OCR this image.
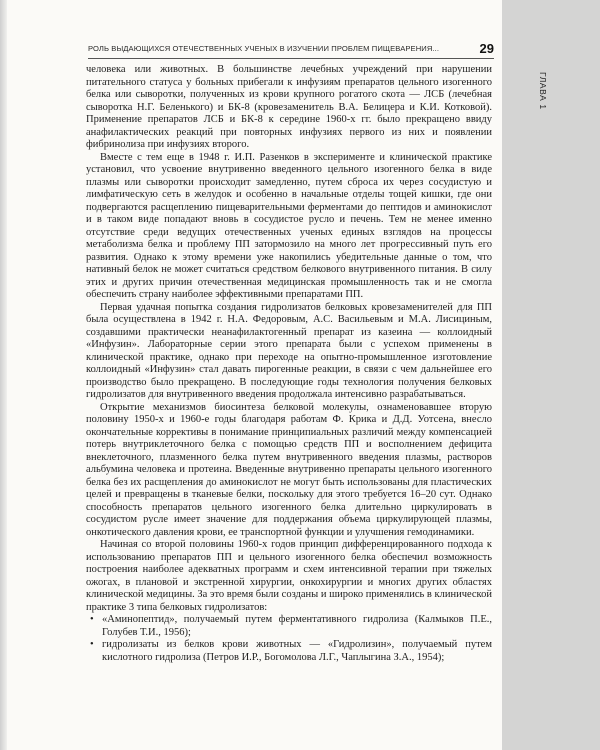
РОЛЬ ВЫДАЮЩИХСЯ ОТЕЧЕСТВЕННЫХ УЧЕНЫХ В ИЗУЧЕНИИ ПРОБЛЕМ ПИЩЕВАРЕНИЯ...	29
ГЛАВА 1

человека или животных. В большинстве лечебных учреждений при нарушении питательного статуса у больных прибегали к инфузиям препаратов цельного изогенного белка или сыворотки, полученных из крови крупного рогатого скота — ЛСБ (лечебная сыворотка Н.Г. Беленького) и БК-8 (кровезаменитель В.А. Белицера и К.И. Котковой). Применение препаратов ЛСБ и БК-8 к середине 1960-х гг. было прекращено ввиду анафилактических реакций при повторных инфузиях первого из них и появлении фибринолиза при инфузиях второго.

Вместе с тем еще в 1948 г. И.П. Разенков в эксперименте и клинической практике установил, что усвоение внутривенно введенного цельного изогенного белка в виде плазмы или сыворотки происходит замедленно, путем сброса их через сосудистую и лимфатическую сеть в желудок и особенно в начальные отделы тощей кишки, где они подвергаются расщеплению пищеварительными ферментами до пептидов и аминокислот и в таком виде попадают вновь в сосудистое русло и печень. Тем не менее именно отсутствие среди ведущих отечественных ученых единых взглядов на процессы метаболизма белка и проблему ПП затормозило на много лет прогрессивный путь его развития. Однако к этому времени уже накопились убедительные данные о том, что нативный белок не может считаться средством белкового внутривенного питания. В силу этих и других причин отечественная медицинская промышленность так и не смогла обеспечить страну наиболее эффективными препаратами ПП.

Первая удачная попытка создания гидролизатов белковых кровезаменителей для ПП была осуществлена в 1942 г. Н.А. Федоровым, А.С. Васильевым и М.А. Лисициным, создавшими практически неанафилактогенный препарат из казеина — коллоидный «Инфузин». Лабораторные серии этого препарата были с успехом применены в клинической практике, однако при переходе на опытно-промышленное изготовление коллоидный «Инфузин» стал давать пирогенные реакции, в связи с чем дальнейшее его производство было прекращено. В последующие годы технология получения белковых гидролизатов для внутривенного введения продолжала интенсивно разрабатываться.

Открытие механизмов биосинтеза белковой молекулы, ознаменовавшее вторую половину 1950-х и 1960-е годы благодаря работам Ф. Крика и Д.Д. Уотсена, внесло окончательные коррективы в понимание принципиальных различий между компенсацией потерь внутриклеточного белка с помощью средств ПП и восполнением дефицита внеклеточного, плазменного белка путем внутривенного введения плазмы, растворов альбумина человека и протеина. Введенные внутривенно препараты цельного изогенного белка без их расщепления до аминокислот не могут быть использованы для пластических целей и превращены в тканевые белки, поскольку для этого требуется 16–20 сут. Однако способность препаратов цельного изогенного белка длительно циркулировать в сосудистом русле имеет значение для поддержания объема циркулирующей плазмы, онкотического давления крови, ее транспортной функции и улучшения гемодинамики.

Начиная со второй половины 1960-х годов принцип дифференцированного подхода к использованию препаратов ПП и цельного изогенного белка обеспечил возможность построения наиболее адекватных программ и схем интенсивной терапии при тяжелых ожогах, в плановой и экстренной хирургии, онкохирургии и многих других областях клинической медицины. За это время были созданы и широко применялись в клинической практике 3 типа белковых гидролизатов:

• «Аминопептид», получаемый путем ферментативного гидролиза (Калмыков П.Е., Голубев Т.И., 1956);
• гидролизаты из белков крови животных — «Гидролизин», получаемый путем кислотного гидролиза (Петров И.Р., Богомолова Л.Г., Чаплыгина З.А., 1954);
